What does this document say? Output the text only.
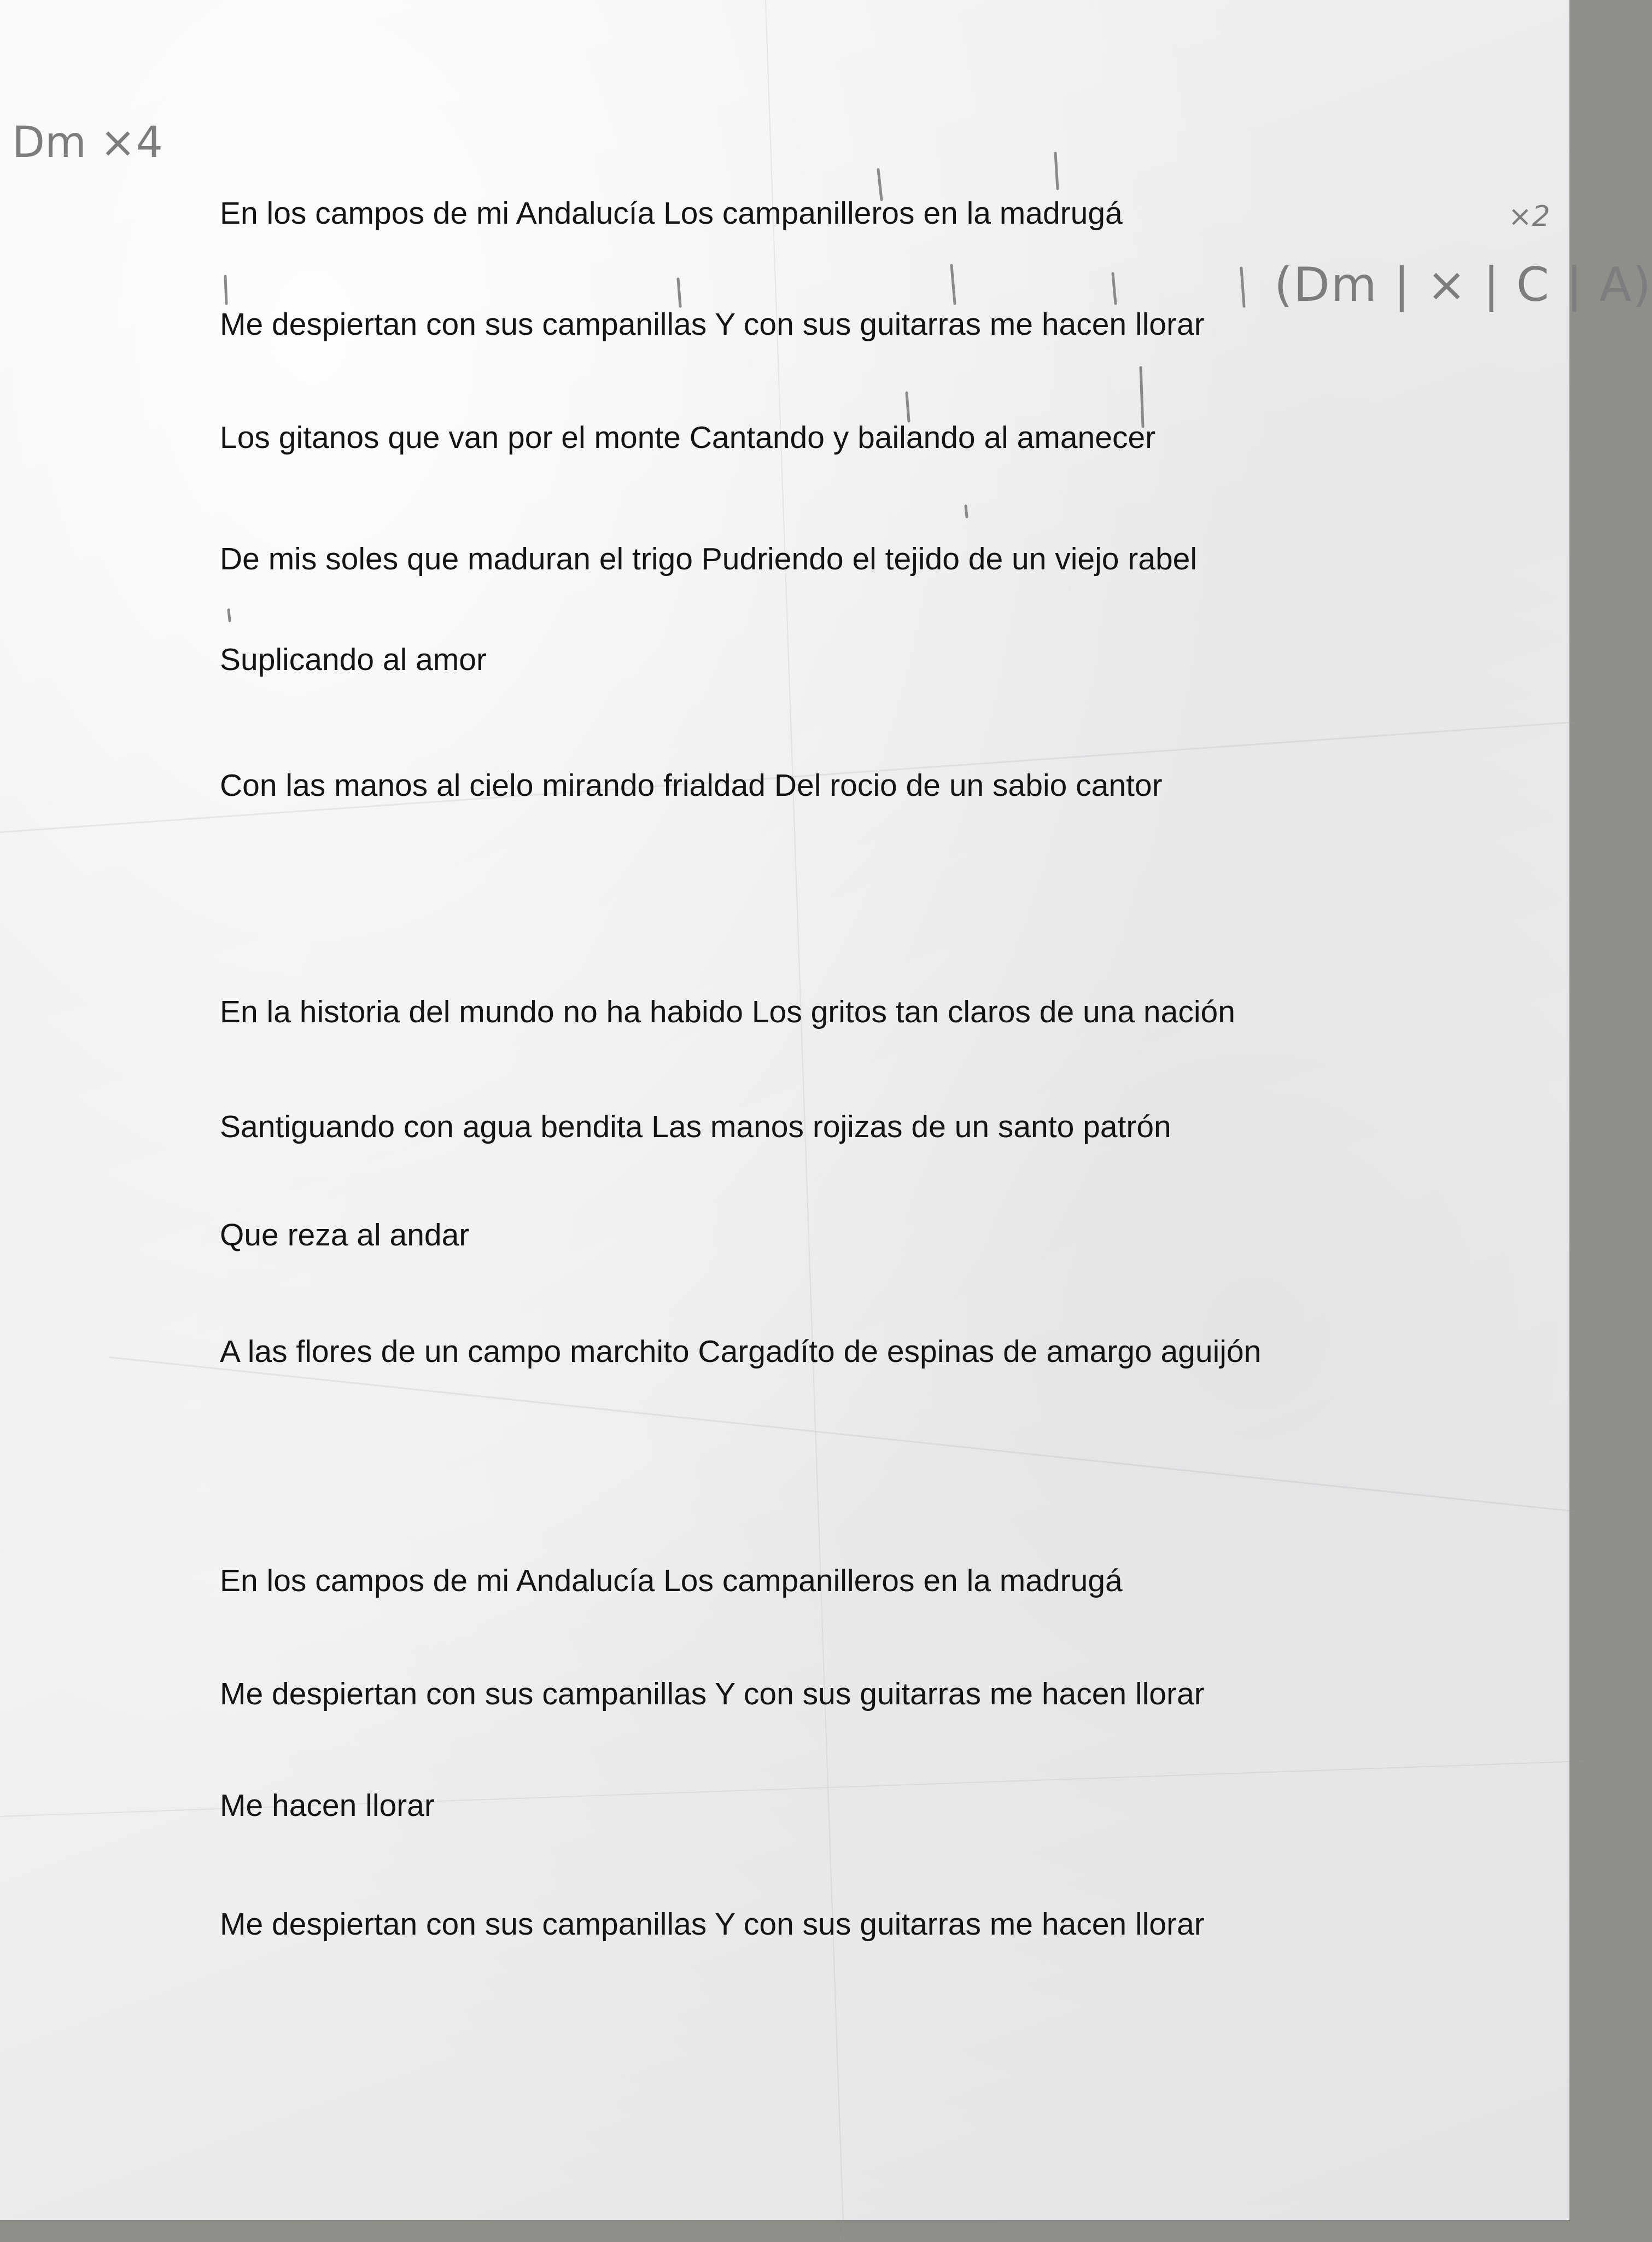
Dm ×4
×2
(Dm | × | C | A)

En los campos de mi Andalucía Los campanilleros en la madrugá

Me despiertan con sus campanillas Y con sus guitarras me hacen llorar

Los gitanos que van por el monte Cantando y bailando al amanecer

De mis soles que maduran el trigo Pudriendo el tejido de un viejo rabel

Suplicando al amor

Con las manos al cielo mirando frialdad Del rocio de un sabio cantor

En la historia del mundo no ha habido Los gritos tan claros de una nación

Santiguando con agua bendita Las manos rojizas de un santo patrón

Que reza al andar

A las flores de un campo marchito Cargadíto de espinas de amargo aguijón

En los campos de mi Andalucía Los campanilleros en la madrugá

Me despiertan con sus campanillas Y con sus guitarras me hacen llorar

Me hacen llorar

Me despiertan con sus campanillas Y con sus guitarras me hacen llorar
